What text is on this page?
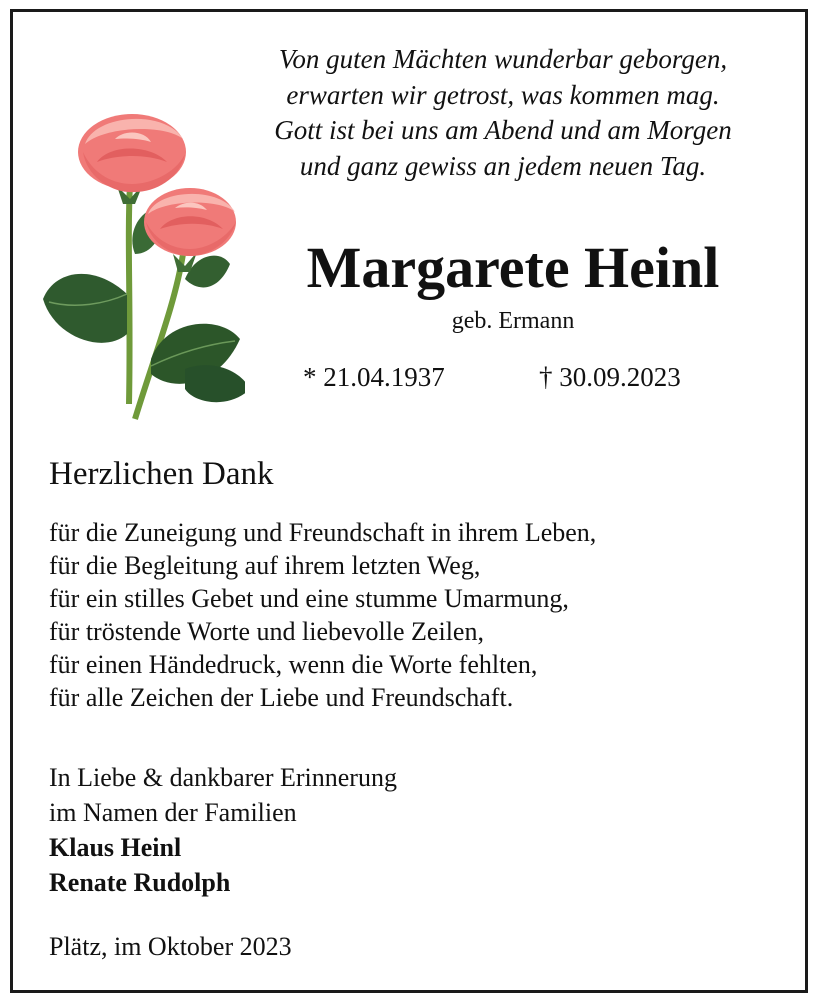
Von guten Mächten wunderbar geborgen,
erwarten wir getrost, was kommen mag.
Gott ist bei uns am Abend und am Morgen
und ganz gewiss an jedem neuen Tag.
Margarete Heinl
geb. Ermann
* 21.04.1937	† 30.09.2023
Herzlichen Dank
für die Zuneigung und Freundschaft in ihrem Leben,
für die Begleitung auf ihrem letzten Weg,
für ein stilles Gebet und eine stumme Umarmung,
für tröstende Worte und liebevolle Zeilen,
für einen Händedruck, wenn die Worte fehlten,
für alle Zeichen der Liebe und Freundschaft.
In Liebe & dankbarer Erinnerung
im Namen der Familien
Klaus Heinl
Renate Rudolph
Plätz, im Oktober 2023
